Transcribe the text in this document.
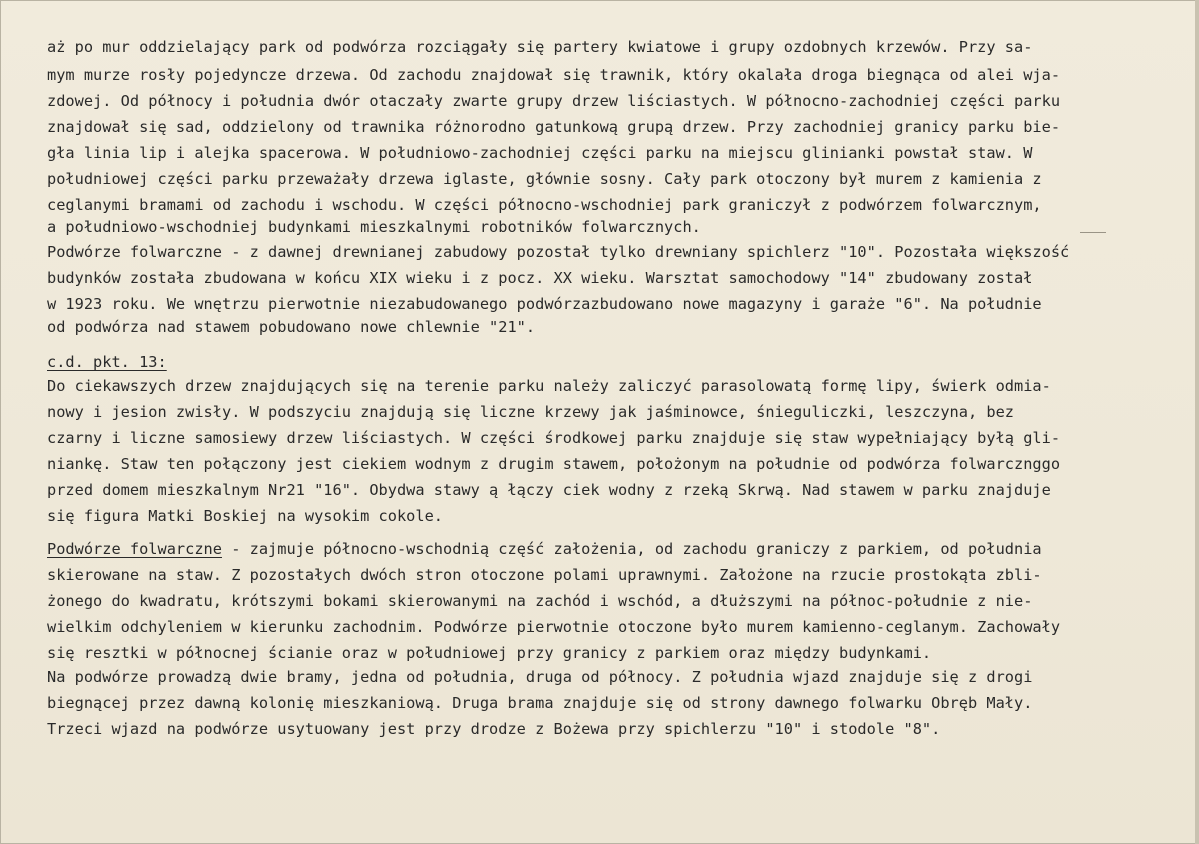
aż po mur oddzielający park od podwórza rozciągały się partery kwiatowe i grupy ozdobnych krzewów. Przy sa-
mym murze rosły pojedyncze drzewa. Od zachodu znajdował się trawnik, który okalała droga biegnąca od alei wja-
zdowej. Od północy i południa dwór otaczały zwarte grupy drzew liściastych. W północno-zachodniej części parku
znajdował się sad, oddzielony od trawnika różnorodno gatunkową grupą drzew. Przy zachodniej granicy parku bie-
gła linia lip i alejka spacerowa. W południowo-zachodniej części parku na miejscu glinianki powstał staw. W
południowej części parku przeważały drzewa iglaste, głównie sosny. Cały park otoczony był murem z kamienia z
ceglanymi bramami od zachodu i wschodu. W części północno-wschodniej park graniczył z podwórzem folwarcznym,
a południowo-wschodniej budynkami mieszkalnymi robotników folwarcznych.
Podwórze folwarczne - z dawnej drewnianej zabudowy pozostał tylko drewniany spichlerz "10". Pozostała większość
budynków została zbudowana w końcu XIX wieku i z pocz. XX wieku. Warsztat samochodowy "14" zbudowany został
w 1923 roku. We wnętrzu pierwotnie niezabudowanego podwórzazbudowano nowe magazyny i garaże "6". Na południe
od podwórza nad stawem pobudowano nowe chlewnie "21".
c.d. pkt. 13:
Do ciekawszych drzew znajdujących się na terenie parku należy zaliczyć parasolowatą formę lipy, świerk odmia-
nowy i jesion zwisły. W podszyciu znajdują się liczne krzewy jak jaśminowce, śnieguliczki, leszczyna, bez
czarny i liczne samosiewy drzew liściastych. W części środkowej parku znajduje się staw wypełniający byłą gli-
niankę. Staw ten połączony jest ciekiem wodnym z drugim stawem, położonym na południe od podwórza folwarcznggo
przed domem mieszkalnym Nr21 "16". Obydwa stawy ą łączy ciek wodny z rzeką Skrwą. Nad stawem w parku znajduje
się figura Matki Boskiej na wysokim cokole.
Podwórze folwarczne - zajmuje północno-wschodnią część założenia, od zachodu graniczy z parkiem, od południa
skierowane na staw. Z pozostałych dwóch stron otoczone polami uprawnymi. Założone na rzucie prostokąta zbli-
żonego do kwadratu, krótszymi bokami skierowanymi na zachód i wschód, a dłuższymi na północ-południe z nie-
wielkim odchyleniem w kierunku zachodnim. Podwórze pierwotnie otoczone było murem kamienno-ceglanym. Zachowały
się resztki w północnej ścianie oraz w południowej przy granicy z parkiem oraz między budynkami.
Na podwórze prowadzą dwie bramy, jedna od południa, druga od północy. Z południa wjazd znajduje się z drogi
biegnącej przez dawną kolonię mieszkaniową. Druga brama znajduje się od strony dawnego folwarku Obręb Mały.
Trzeci wjazd na podwórze usytuowany jest przy drodze z Bożewa przy spichlerzu "10" i stodole "8".
